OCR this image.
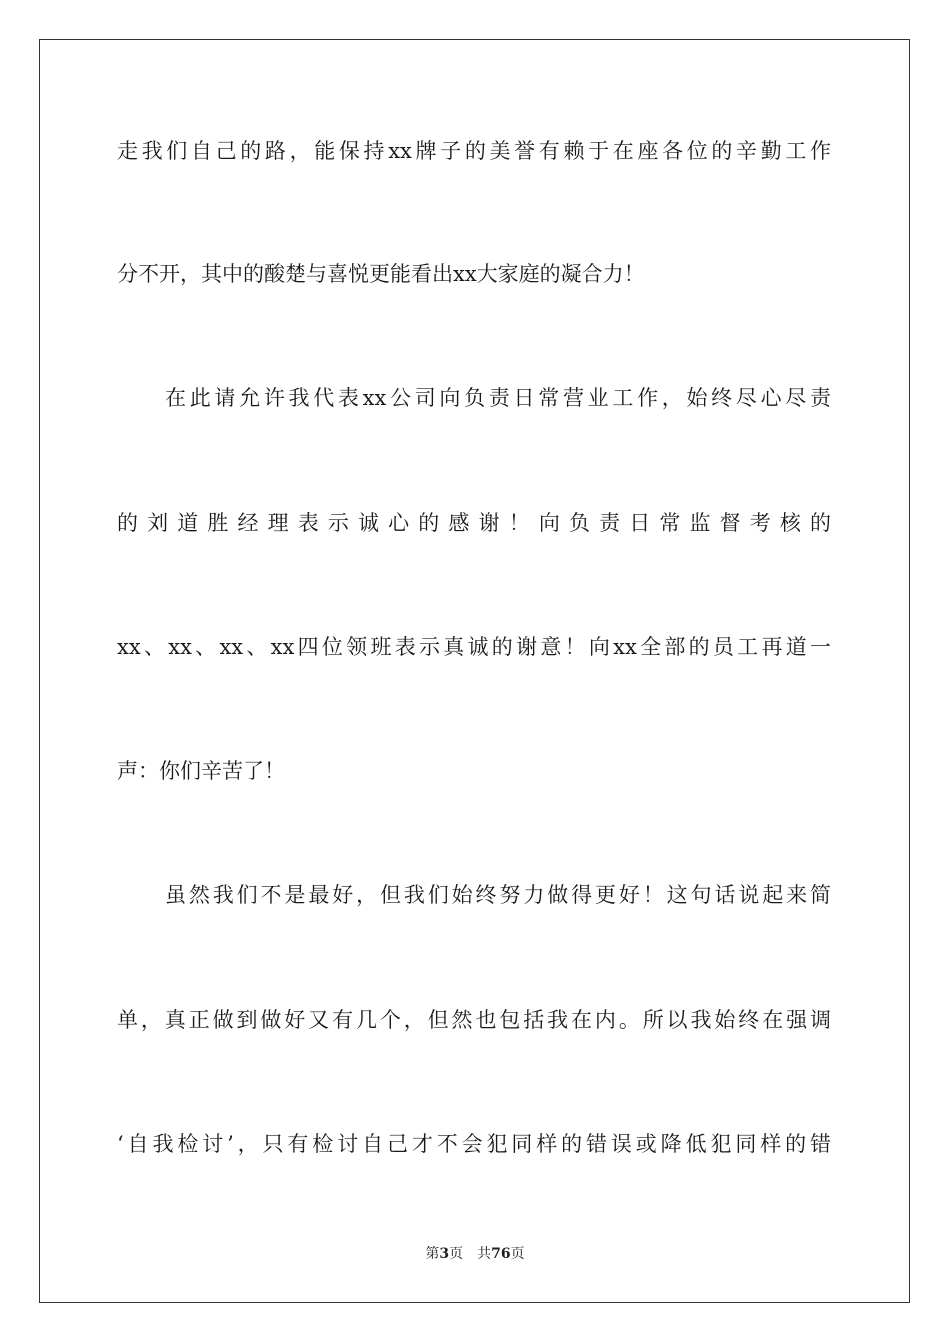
走我们自己的路，能保持xx牌子的美誉有赖于在座各位的辛勤工作
分不开，其中的酸楚与喜悦更能看出xx大家庭的凝合力！
在此请允许我代表xx公司向负责日常营业工作，始终尽心尽责
的刘道胜经理表示诚心的感谢！向负责日常监督考核的
xx、xx、xx、xx四位领班表示真诚的谢意！向xx全部的员工再道一
声：你们辛苦了！
虽然我们不是最好，但我们始终努力做得更好！这句话说起来简
单，真正做到做好又有几个，但然也包括我在内。所以我始终在强调
‘自我检讨’，只有检讨自己才不会犯同样的错误或降低犯同样的错
第3页 共76页
